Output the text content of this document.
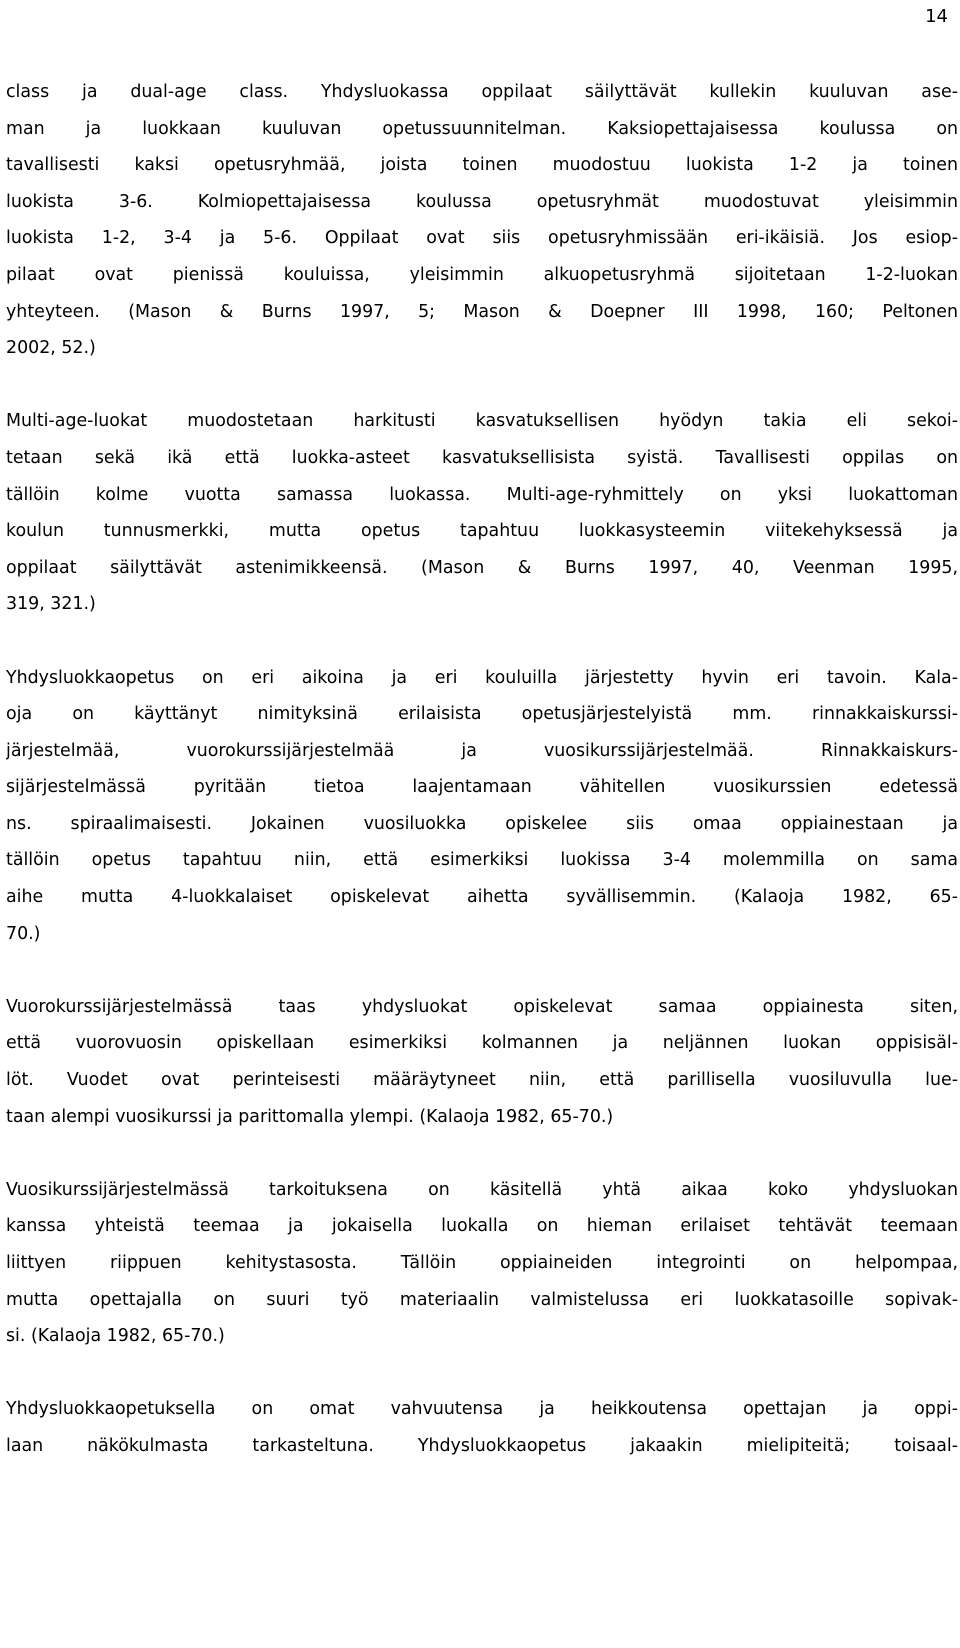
14
class ja dual-age class. Yhdysluokassa oppilaat säilyttävät kullekin kuuluvan ase-
man ja luokkaan kuuluvan opetussuunnitelman. Kaksiopettajaisessa koulussa on
tavallisesti kaksi opetusryhmää, joista toinen muodostuu luokista 1-2 ja toinen
luokista 3-6. Kolmiopettajaisessa koulussa opetusryhmät muodostuvat yleisimmin
luokista 1-2, 3-4 ja 5-6. Oppilaat ovat siis opetusryhmissään eri-ikäisiä. Jos esiop-
pilaat ovat pienissä kouluissa, yleisimmin alkuopetusryhmä sijoitetaan 1-2-luokan
yhteyteen. (Mason & Burns 1997, 5; Mason & Doepner III 1998, 160; Peltonen
2002, 52.)
Multi-age-luokat muodostetaan harkitusti kasvatuksellisen hyödyn takia eli sekoi-
tetaan sekä ikä että luokka-asteet kasvatuksellisista syistä. Tavallisesti oppilas on
tällöin kolme vuotta samassa luokassa. Multi-age-ryhmittely on yksi luokattoman
koulun tunnusmerkki, mutta opetus tapahtuu luokkasysteemin viitekehyksessä ja
oppilaat säilyttävät astenimikkeensä. (Mason & Burns 1997, 40, Veenman 1995,
319, 321.)
Yhdysluokkaopetus on eri aikoina ja eri kouluilla järjestetty hyvin eri tavoin. Kala-
oja on käyttänyt nimityksinä erilaisista opetusjärjestelyistä mm. rinnakkaiskurssi-
järjestelmää, vuorokurssijärjestelmää ja vuosikurssijärjestelmää. Rinnakkaiskurs-
sijärjestelmässä pyritään tietoa laajentamaan vähitellen vuosikurssien edetessä
ns. spiraalimaisesti. Jokainen vuosiluokka opiskelee siis omaa oppiainestaan ja
tällöin opetus tapahtuu niin, että esimerkiksi luokissa 3-4 molemmilla on sama
aihe mutta 4-luokkalaiset opiskelevat aihetta syvällisemmin. (Kalaoja 1982, 65-
70.)
Vuorokurssijärjestelmässä taas yhdysluokat opiskelevat samaa oppiainesta siten,
että vuorovuosin opiskellaan esimerkiksi kolmannen ja neljännen luokan oppisisäl-
löt. Vuodet ovat perinteisesti määräytyneet niin, että parillisella vuosiluvulla lue-
taan alempi vuosikurssi ja parittomalla ylempi. (Kalaoja 1982, 65-70.)
Vuosikurssijärjestelmässä tarkoituksena on käsitellä yhtä aikaa koko yhdysluokan
kanssa yhteistä teemaa ja jokaisella luokalla on hieman erilaiset tehtävät teemaan
liittyen riippuen kehitystasosta. Tällöin oppiaineiden integrointi on helpompaa,
mutta opettajalla on suuri työ materiaalin valmistelussa eri luokkatasoille sopivak-
si. (Kalaoja 1982, 65-70.)
Yhdysluokkaopetuksella on omat vahvuutensa ja heikkoutensa opettajan ja oppi-
laan näkökulmasta tarkasteltuna. Yhdysluokkaopetus jakaakin mielipiteitä; toisaal-
